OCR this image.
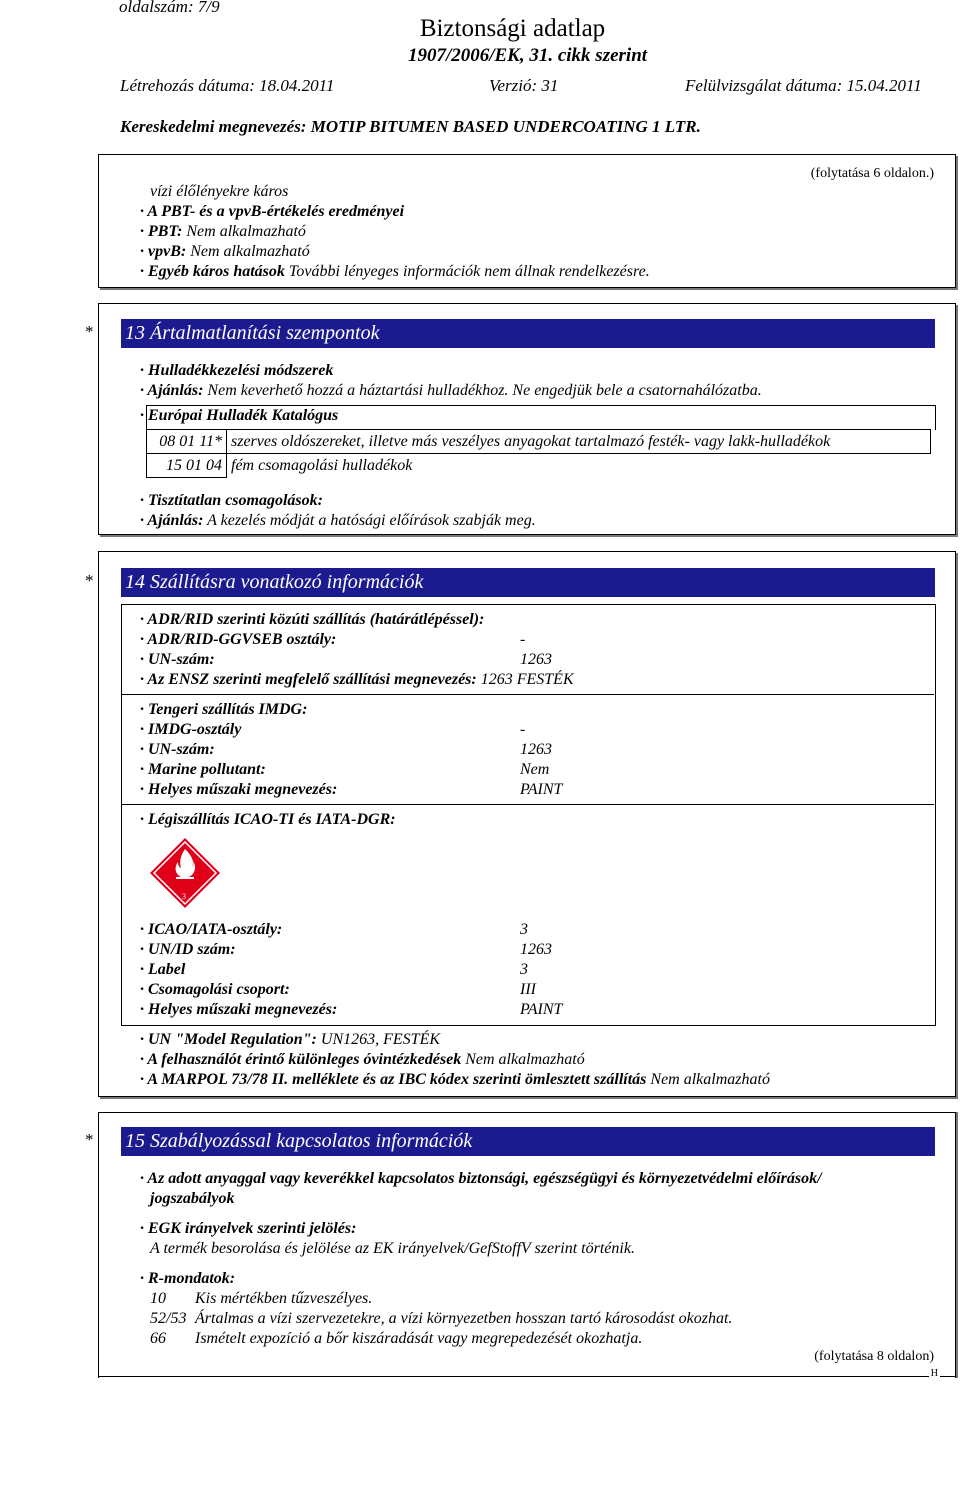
oldalszám: 7/9
Biztonsági adatlap
1907/2006/EK, 31. cikk szerint
Létrehozás dátuma: 18.04.2011	Verzió: 31	Felülvizsgálat dátuma: 15.04.2011
Kereskedelmi megnevezés: MOTIP BITUMEN BASED UNDERCOATING 1 LTR.
(folytatása 6 oldalon.)
vízi élőlényekre káros
· A PBT- és a vpvB-értékelés eredményei
· PBT: Nem alkalmazható
· vpvB: Nem alkalmazható
· Egyéb káros hatások További lényeges információk nem állnak rendelkezésre.
* 13 Ártalmatlanítási szempontok
· Hulladékkezelési módszerek
· Ajánlás: Nem keverhető hozzá a háztartási hulladékhoz. Ne engedjük bele a csatornahálózatba.
· Európai Hulladék Katalógus
08 01 11*	szerves oldószereket, illetve más veszélyes anyagokat tartalmazó festék- vagy lakk-hulladékok
15 01 04	fém csomagolási hulladékok
· Tisztítatlan csomagolások:
· Ajánlás: A kezelés módját a hatósági előírások szabják meg.
* 14 Szállításra vonatkozó információk
· ADR/RID szerinti közúti szállítás (határátlépéssel):
· ADR/RID-GGVSEB osztály:	-
· UN-szám:	1263
· Az ENSZ szerinti megfelelő szállítási megnevezés: 1263 FESTÉK
· Tengeri szállítás IMDG:
· IMDG-osztály	-
· UN-szám:	1263
· Marine pollutant:	Nem
· Helyes műszaki megnevezés:	PAINT
· Légiszállítás ICAO-TI és IATA-DGR:
3
· ICAO/IATA-osztály:	3
· UN/ID szám:	1263
· Label	3
· Csomagolási csoport:	III
· Helyes műszaki megnevezés:	PAINT
· UN "Model Regulation": UN1263, FESTÉK
· A felhasználót érintő különleges óvintézkedések Nem alkalmazható
· A MARPOL 73/78 II. melléklete és az IBC kódex szerinti ömlesztett szállítás Nem alkalmazható
* 15 Szabályozással kapcsolatos információk
· Az adott anyaggal vagy keverékkel kapcsolatos biztonsági, egészségügyi és környezetvédelmi előírások/
jogszabályok
· EGK irányelvek szerinti jelölés:
A termék besorolása és jelölése az EK irányelvek/GefStoffV szerint történik.
· R-mondatok:
10 Kis mértékben tűzveszélyes.
52/53 Ártalmas a vízi szervezetekre, a vízi környezetben hosszan tartó károsodást okozhat.
66 Ismételt expozíció a bőr kiszáradását vagy megrepedezését okozhatja.
(folytatása 8 oldalon)
H
